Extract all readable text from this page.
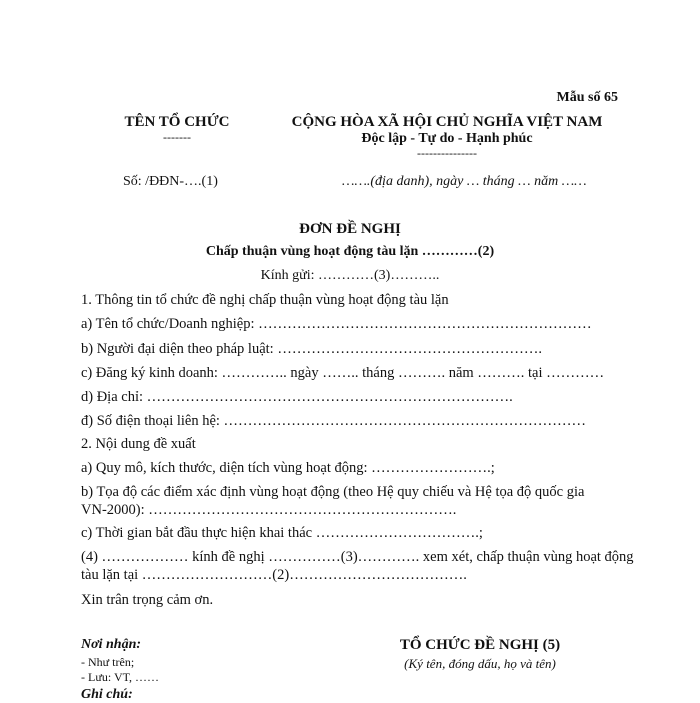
Mẫu số 65
TÊN TỔ CHỨC
-------
CỘNG HÒA XÃ HỘI CHỦ NGHĨA VIỆT NAM
Độc lập - Tự do - Hạnh phúc
---------------
Số: /ĐĐN-….(1)	…….(địa danh), ngày … tháng … năm ……
ĐƠN ĐỀ NGHỊ
Chấp thuận vùng hoạt động tàu lặn …………(2)
Kính gửi: …………(3)………..
1. Thông tin tổ chức đề nghị chấp thuận vùng hoạt động tàu lặn
a) Tên tổ chức/Doanh nghiệp: ……………………………………………………………
b) Người đại diện theo pháp luật: ……………………………………………….
c) Đăng ký kinh doanh: ………….. ngày …….. tháng ………. năm ………. tại …………
d) Địa chỉ: ………………………………………………………………….
đ) Số điện thoại liên hệ: …………………………………………………………………
2. Nội dung đề xuất
a) Quy mô, kích thước, diện tích vùng hoạt động: …………………….;
b) Tọa độ các điểm xác định vùng hoạt động (theo Hệ quy chiếu và Hệ tọa độ quốc gia
VN-2000): ……………………………………………………….
c) Thời gian bắt đầu thực hiện khai thác …………………………….;
(4) ……………… kính đề nghị ……………(3)…………. xem xét, chấp thuận vùng hoạt động
tàu lặn tại ………………………(2)……………………………….
Xin trân trọng cảm ơn.
Nơi nhận:
- Như trên;
- Lưu: VT, ……
Ghi chú:
TỔ CHỨC ĐỀ NGHỊ (5)
(Ký tên, đóng dấu, họ và tên)
